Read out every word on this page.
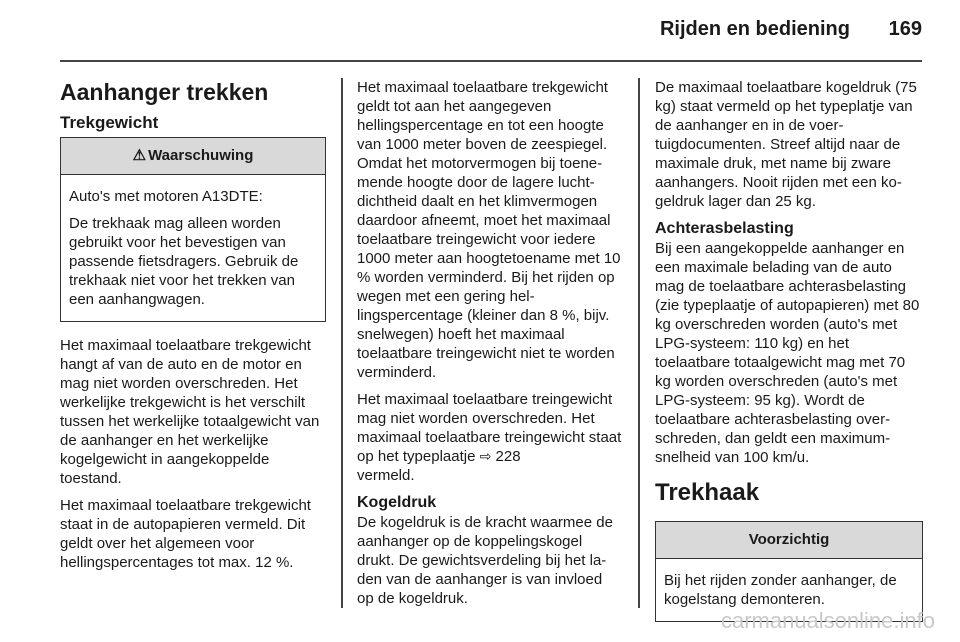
Rijden en bediening	169
Aanhanger trekken
Trekgewicht
⚠ Waarschuwing

Auto's met motoren A13DTE:

De trekhaak mag alleen worden gebruikt voor het bevestigen van passende fietsdragers. Gebruik de trekhaak niet voor het trekken van een aanhangwagen.

Het maximaal toelaatbare trekgewicht hangt af van de auto en de motor en mag niet worden overschreden. Het werkelijke trekgewicht is het verschilt tussen het werkelijke totaalgewicht van de aanhanger en het werkelijke kogelgewicht in aangekoppelde toestand.

Het maximaal toelaatbare trekgewicht staat in de autopapieren vermeld. Dit geldt over het algemeen voor hellingspercentages tot max. 12 %.

Het maximaal toelaatbare trekgewicht geldt tot aan het aangegeven hellingspercentage en tot een hoogte van 1000 meter boven de zeespiegel. Omdat het motorvermogen bij toenemende hoogte door de lagere luchtdichtheid daalt en het klimvermogen daardoor afneemt, moet het maximaal toelaatbare treingewicht voor iedere 1000 meter aan hoogtetoename met 10 % worden verminderd. Bij het rijden op wegen met een gering hellingspercentage (kleiner dan 8 %, bijv. snelwegen) hoeft het maximaal toelaatbare treingewicht niet te worden verminderd.

Het maximaal toelaatbare treingewicht mag niet worden overschreden. Het maximaal toelaatbare treingewicht staat op het typeplaatje ⇨ 228
vermeld.

Kogeldruk

De kogeldruk is de kracht waarmee de aanhanger op de koppelingskogel drukt. De gewichtsverdeling bij het laden van de aanhanger is van invloed op de kogeldruk.

De maximaal toelaatbare kogeldruk (75 kg) staat vermeld op het typeplatje van de aanhanger en in de voertuigdocumenten. Streef altijd naar de maximale druk, met name bij zware aanhangers. Nooit rijden met een kogeldruk lager dan 25 kg.

Achterasbelasting

Bij een aangekoppelde aanhanger en een maximale belading van de auto mag de toelaatbare achterasbelasting (zie typeplaatje of autopapieren) met 80 kg overschreden worden (auto's met LPG-systeem: 110 kg) en het toelaatbare totaalgewicht mag met 70 kg worden overschreden (auto's met LPG-systeem: 95 kg). Wordt de toelaatbare achterasbelasting overschreden, dan geldt een maximumsnelheid van 100 km/u.

Trekhaak
Voorzichtig

Bij het rijden zonder aanhanger, de kogelstang demonteren.

carmanualsonline.info
